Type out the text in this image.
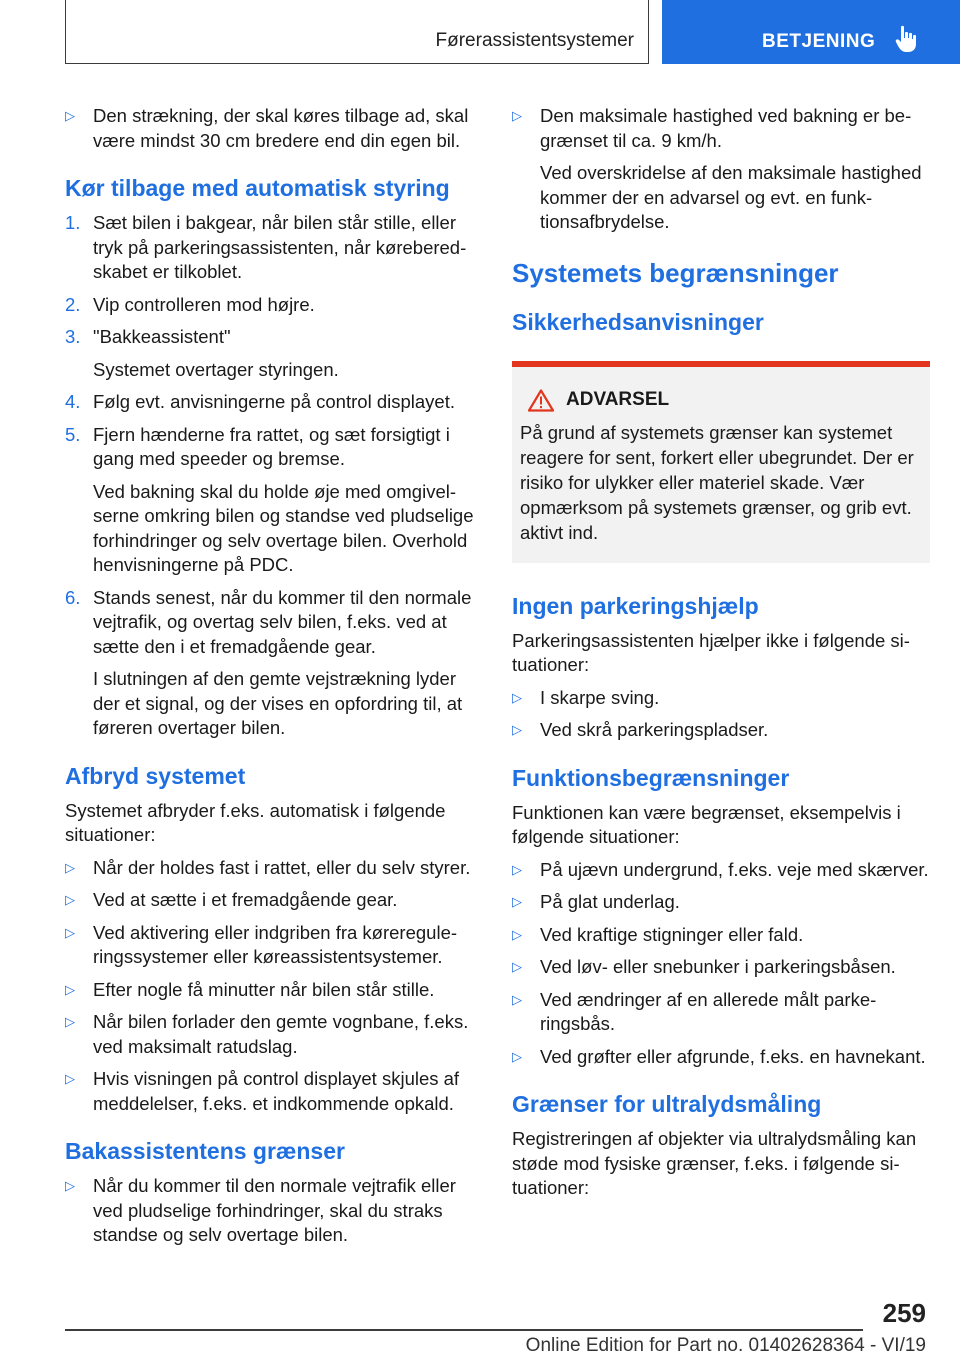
Førerassistentsystemer	BETJENING
▷ Den strækning, der skal køres tilbage ad, skal være mindst 30 cm bredere end din egen bil.
Kør tilbage med automatisk styring
1. Sæt bilen i bakgear, når bilen står stille, eller tryk på parkeringsassistenten, når køreberedskabet er tilkoblet.
2. Vip controlleren mod højre.
3. "Bakkeassistent"
Systemet overtager styringen.
4. Følg evt. anvisningerne på control displayet.
5. Fjern hænderne fra rattet, og sæt forsigtigt i gang med speeder og bremse.
Ved bakning skal du holde øje med omgivelserne omkring bilen og standse ved pludselige forhindringer og selv overtage bilen. Overhold henvisningerne på PDC.
6. Stands senest, når du kommer til den normale vejtrafik, og overtag selv bilen, f.eks. ved at sætte den i et fremadgående gear.
I slutningen af den gemte vejstrækning lyder der et signal, og der vises en opfordring til, at føreren overtager bilen.
Afbryd systemet
Systemet afbryder f.eks. automatisk i følgende situationer:
▷ Når der holdes fast i rattet, eller du selv styrer.
▷ Ved at sætte i et fremadgående gear.
▷ Ved aktivering eller indgriben fra kørereguleringssystemer eller køreassistentsystemer.
▷ Efter nogle få minutter når bilen står stille.
▷ Når bilen forlader den gemte vognbane, f.eks. ved maksimalt ratudslag.
▷ Hvis visningen på control displayet skjules af meddelelser, f.eks. et indkommende opkald.
Bakassistentens grænser
▷ Når du kommer til den normale vejtrafik eller ved pludselige forhindringer, skal du straks standse og selv overtage bilen.
▷ Den maksimale hastighed ved bakning er begrænset til ca. 9 km/h.
Ved overskridelse af den maksimale hastighed kommer der en advarsel og evt. en funktionsafbrydelse.
Systemets begrænsninger
Sikkerhedsanvisninger
ADVARSEL
På grund af systemets grænser kan systemet reagere for sent, forkert eller ubegrundet. Der er risiko for ulykker eller materiel skade. Vær opmærksom på systemets grænser, og grib evt. aktivt ind.
Ingen parkeringshjælp
Parkeringsassistenten hjælper ikke i følgende situationer:
▷ I skarpe sving.
▷ Ved skrå parkeringspladser.
Funktionsbegrænsninger
Funktionen kan være begrænset, eksempelvis i følgende situationer:
▷ På ujævn undergrund, f.eks. veje med skærver.
▷ På glat underlag.
▷ Ved kraftige stigninger eller fald.
▷ Ved løv- eller snebunker i parkeringsbåsen.
▷ Ved ændringer af en allerede målt parkeringsbås.
▷ Ved grøfter eller afgrunde, f.eks. en havnekant.
Grænser for ultralydsmåling
Registreringen af objekter via ultralydsmåling kan støde mod fysiske grænser, f.eks. i følgende situationer:
259
Online Edition for Part no. 01402628364 - VI/19
